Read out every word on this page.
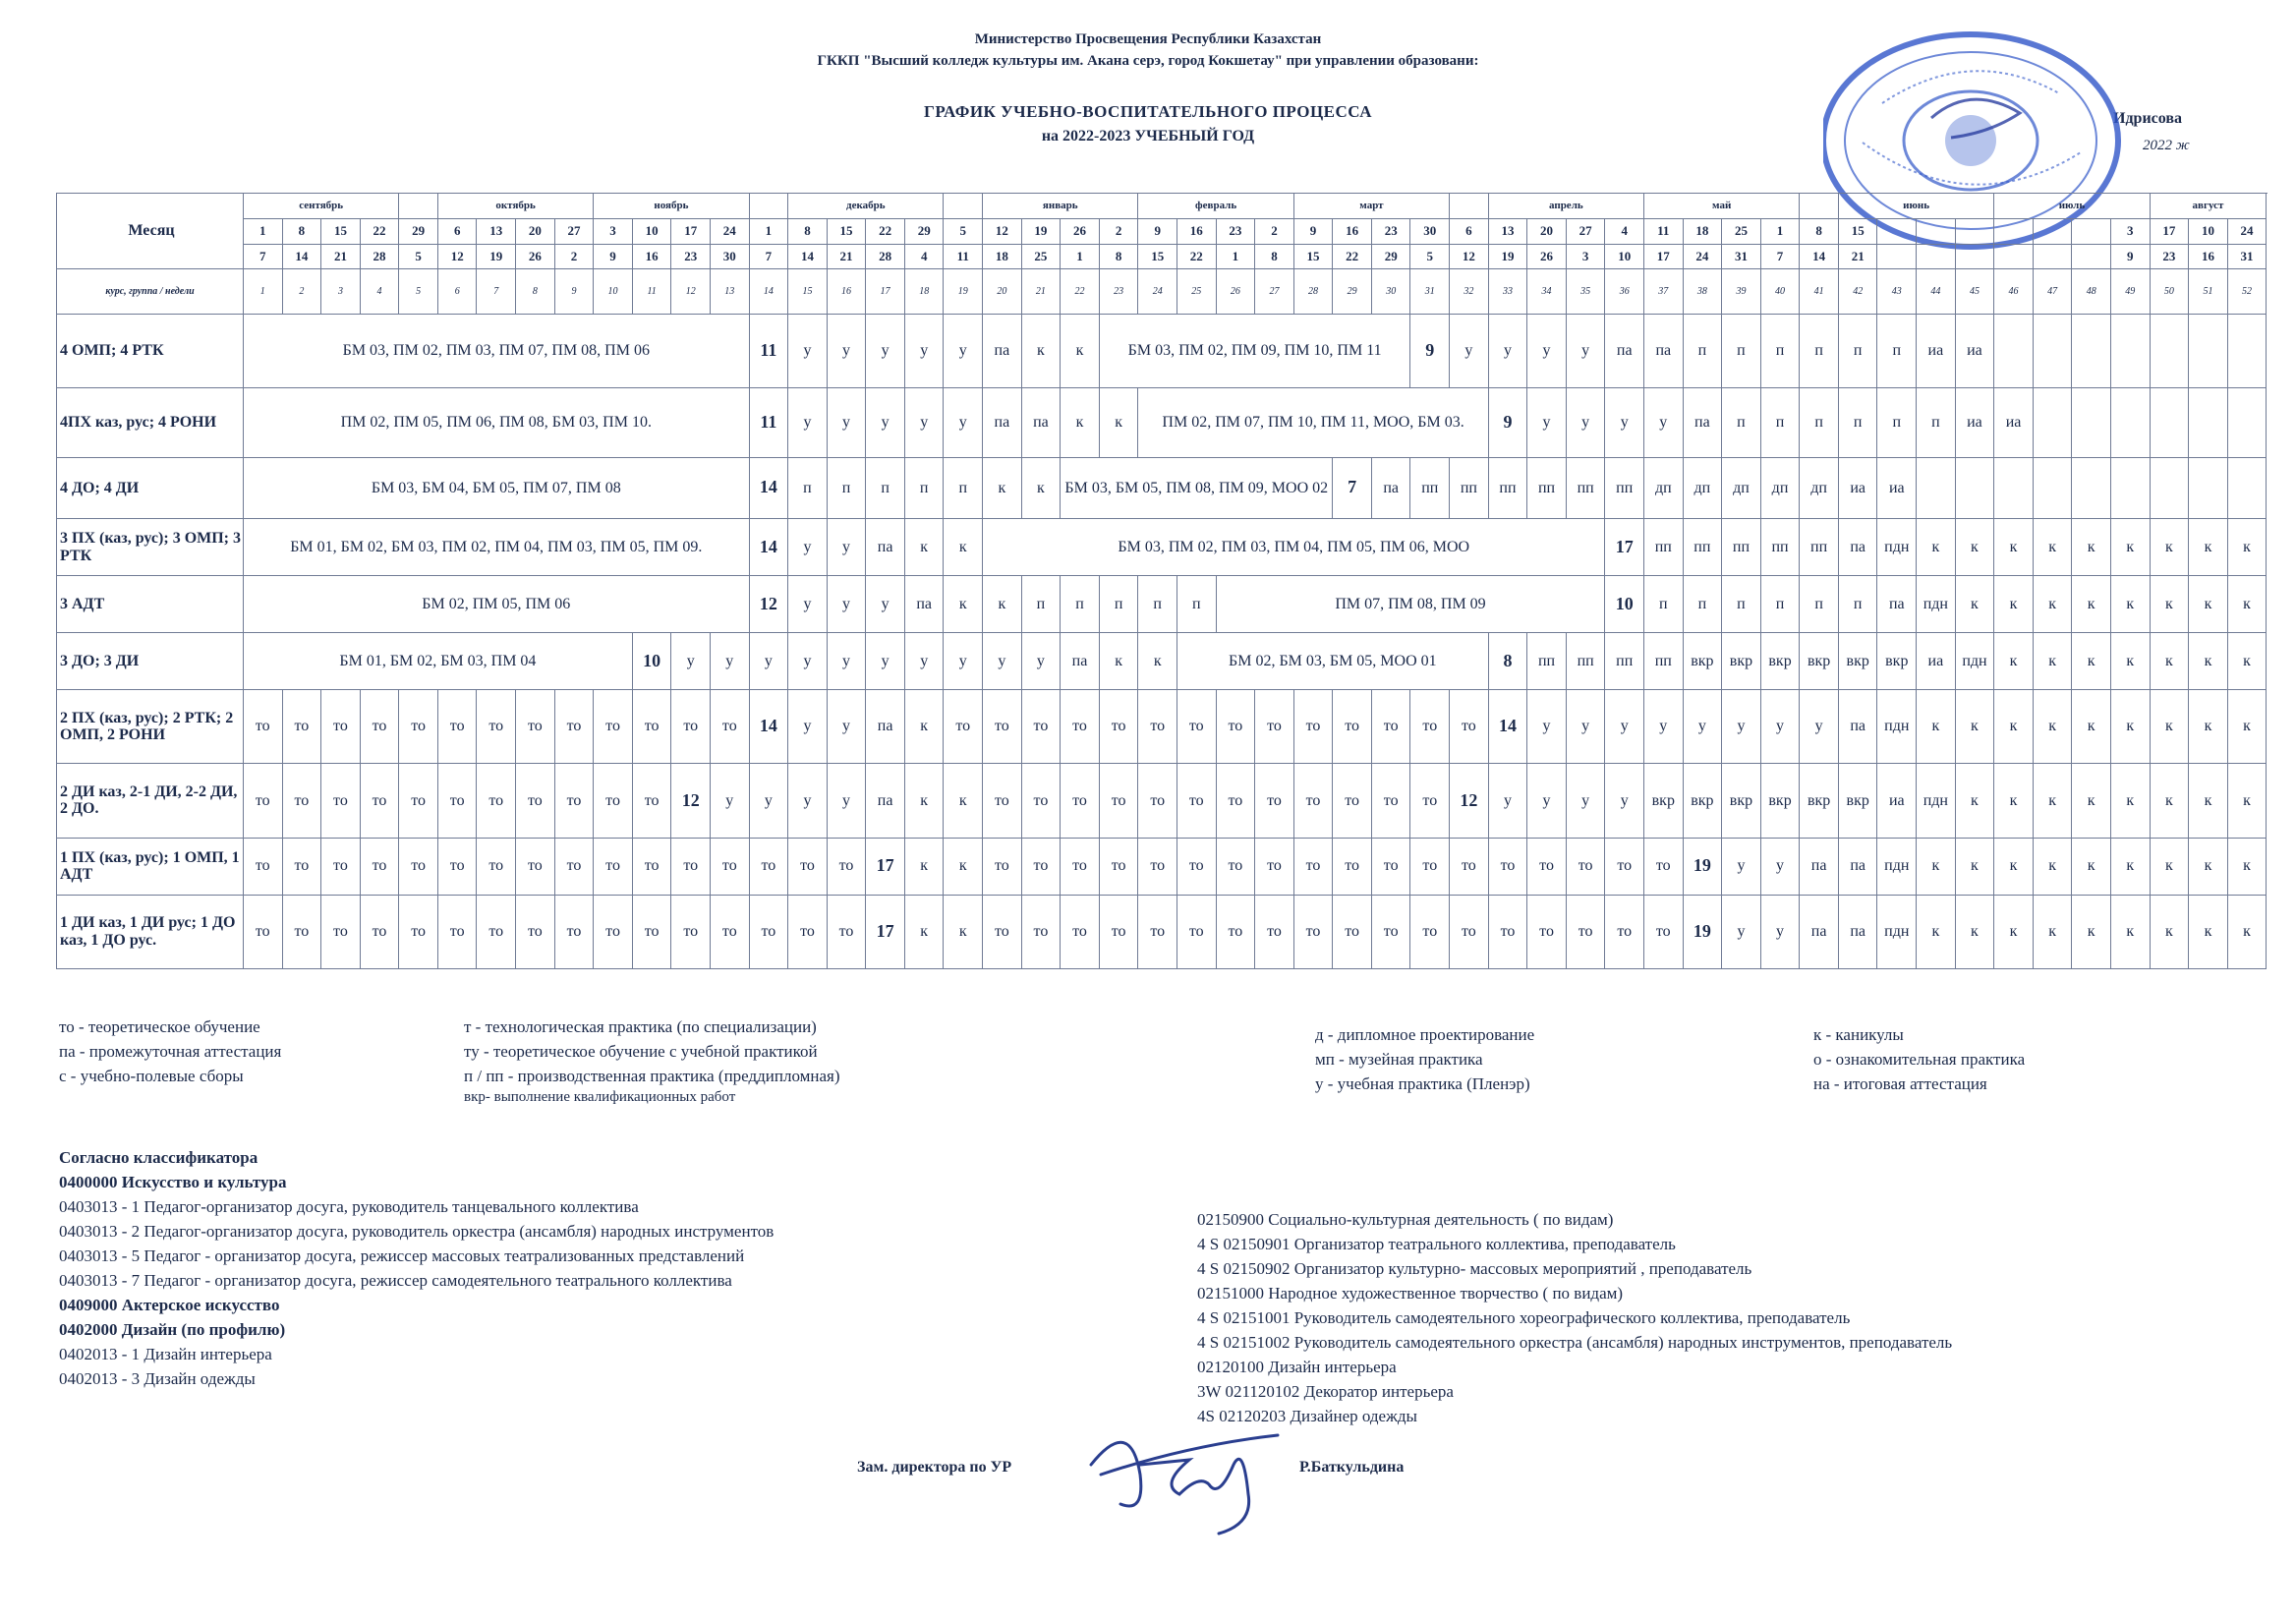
Министерство Просвещения Республики Казахстан
ГККП "Высший колледж культуры им. Акана серэ, город Кокшетау" при управлении образовани:
ГРАФИК УЧЕБНО-ВОСПИТАТЕЛЬНОГО ПРОЦЕССА
на 2022-2023 УЧЕБНЫЙ ГОД
Идрисова
2022 ж
Месяц	сентябрь					октябрь				ноябрь					декабрь					январь				февраль				март					апрель				май					июнь				июль				август			
	1	8	15	22	29	6	13	20	27	3	10	17	24	1	8	15	22	29	5	12	19	26	2	9	16	23	2	9	16	23	30	6	13	20	27	4	11	18	25	1	8	15							3	17	10	24	
	7	14	21	28	5	12	19	26	2	9	16	23	30	7	14	21	28	4	11	18	25	1	8	15	22	1	8	15	22	29	5	12	19	26	3	10	17	24	31	7	14	21							9	23	16	31	
курс, группа / недели	1	2	3	4	5	6	7	8	9	10	11	12	13	14	15	16	17	18	19	20	21	22	23	24	25	26	27	28	29	30	31	32	33	34	35	36	37	38	39	40	41	42	43	44	45	46	47	48	49	50	51	52	
4 ОМП; 4 РТК	БМ 03, ПМ 02, ПМ 03, ПМ 07, ПМ 08, ПМ 06													11	у	у	у	у	у	па	к	к	БМ 03, ПМ 02, ПМ 09, ПМ 10, ПМ 11								9	у	у	у	у	па	па	п	п	п	п	п	п	иа	иа										
4ПХ каз, рус; 4 РОНИ	ПМ 02, ПМ 05, ПМ 06, ПМ 08, БМ 03, ПМ 10.													11	у	у	у	у	у	па	па	к	к	ПМ 02, ПМ 07, ПМ 10, ПМ 11, МОО, БМ 03.									9	у	у	у	у	па	п	п	п	п	п	п	иа	иа										
4 ДО; 4 ДИ	БМ 03, БМ 04, БМ 05, ПМ 07, ПМ 08													14	п	п	п	п	п	к	к	БМ 03, БМ 05, ПМ 08, ПМ 09, МОО 02							7	па	пп	пп	пп	пп	пп	пп	дп	дп	дп	дп	дп	иа	иа										
3 ПХ (каз, рус); 3 ОМП; 3 РТК	БМ 01, БМ 02, БМ 03, ПМ 02, ПМ 04, ПМ 03, ПМ 05, ПМ 09.													14	у	у	па	к	к	БМ 03, ПМ 02, ПМ 03, ПМ 04, ПМ 05, ПМ 06, МОО																17	пп	пп	пп	пп	пп	па	пдн	к	к	к	к	к	к	к	к	к	
3 АДТ	БМ 02, ПМ 05, ПМ 06													12	у	у	у	па	к	к	п	п	п	п	п	ПМ 07, ПМ 08, ПМ 09										10	п	п	п	п	п	п	па	пдн	к	к	к	к	к	к	к	к	
3 ДО; 3 ДИ	БМ 01, БМ 02, БМ 03, ПМ 04										10	у	у	у	у	у	у	у	у	у	у	па	к	к	БМ 02, БМ 03, БМ 05, МОО 01								8	пп	пп	пп	пп	вкр	вкр	вкр	вкр	вкр	вкр	иа	пдн	к	к	к	к	к	к	к		
2 ПХ (каз, рус); 2 РТК; 2 ОМП, 2 РОНИ	то	то	то	то	то	то	то	то	то	то	то	то	то	14	у	у	па	к	то	то	то	то	то	то	то	то	то	то	то	то	то	то	14	у	у	у	у	у	у	у	у	па	пдн	к	к	к	к	к	к	к	к	к	
2 ДИ каз, 2-1 ДИ, 2-2 ДИ, 2 ДО.	то	то	то	то	то	то	то	то	то	то	то	12	у	у	у	у	па	к	к	то	то	то	то	то	то	то	то	то	то	то	то	12	у	у	у	у	вкр	вкр	вкр	вкр	вкр	вкр	иа	пдн	к	к	к	к	к	к	к	к	
1 ПХ (каз, рус); 1 ОМП, 1 АДТ	то	то	то	то	то	то	то	то	то	то	то	то	то	то	то	то	17	к	к	то	то	то	то	то	то	то	то	то	то	то	то	то	то	то	то	то	то	19	у	у	па	па	пдн	к	к	к	к	к	к	к	к	к	
1 ДИ каз, 1 ДИ рус; 1 ДО каз, 1 ДО рус.	то	то	то	то	то	то	то	то	то	то	то	то	то	то	то	то	17	к	к	то	то	то	то	то	то	то	то	то	то	то	то	то	то	то	то	то	то	19	у	у	па	па	пдн	к	к	к	к	к	к	к	к	к	
то - теоретическое обучение
па - промежуточная аттестация
с - учебно-полевые сборы
т - технологическая практика (по специализации)
ту - теоретическое обучение с учебной практикой
п / пп - производственная практика (преддипломная)
вкр- выполнение квалификационных работ
д - дипломное проектирование
мп - музейная практика
у - учебная практика (Пленэр)
к - каникулы
о - ознакомительная практика
на - итоговая аттестация
Согласно классификатора
0400000 Искусство и культура
0403013 - 1 Педагог-организатор досуга, руководитель танцевального коллектива
0403013 - 2 Педагог-организатор досуга, руководитель оркестра (ансамбля) народных инструментов
0403013 - 5 Педагог - организатор досуга, режиссер массовых театрализованных представлений
0403013 - 7 Педагог - организатор досуга, режиссер самодеятельного театрального коллектива
0409000 Актерское искусство
0402000 Дизайн (по профилю)
0402013 - 1 Дизайн интерьера
0402013 - 3 Дизайн одежды
02150900 Социально-культурная деятельность ( по видам)
4 S 02150901 Организатор театрального коллектива, преподаватель
4 S 02150902 Организатор культурно- массовых мероприятий , преподаватель
02151000 Народное художественное творчество ( по видам)
4 S 02151001 Руководитель самодеятельного хореографического коллектива, преподаватель
4 S 02151002 Руководитель самодеятельного оркестра (ансамбля) народных инструментов, преподаватель
02120100 Дизайн интерьера
3W 021120102 Декоратор интерьера
4S 02120203 Дизайнер одежды
Зам. директора по УР	Р.Баткульдина
